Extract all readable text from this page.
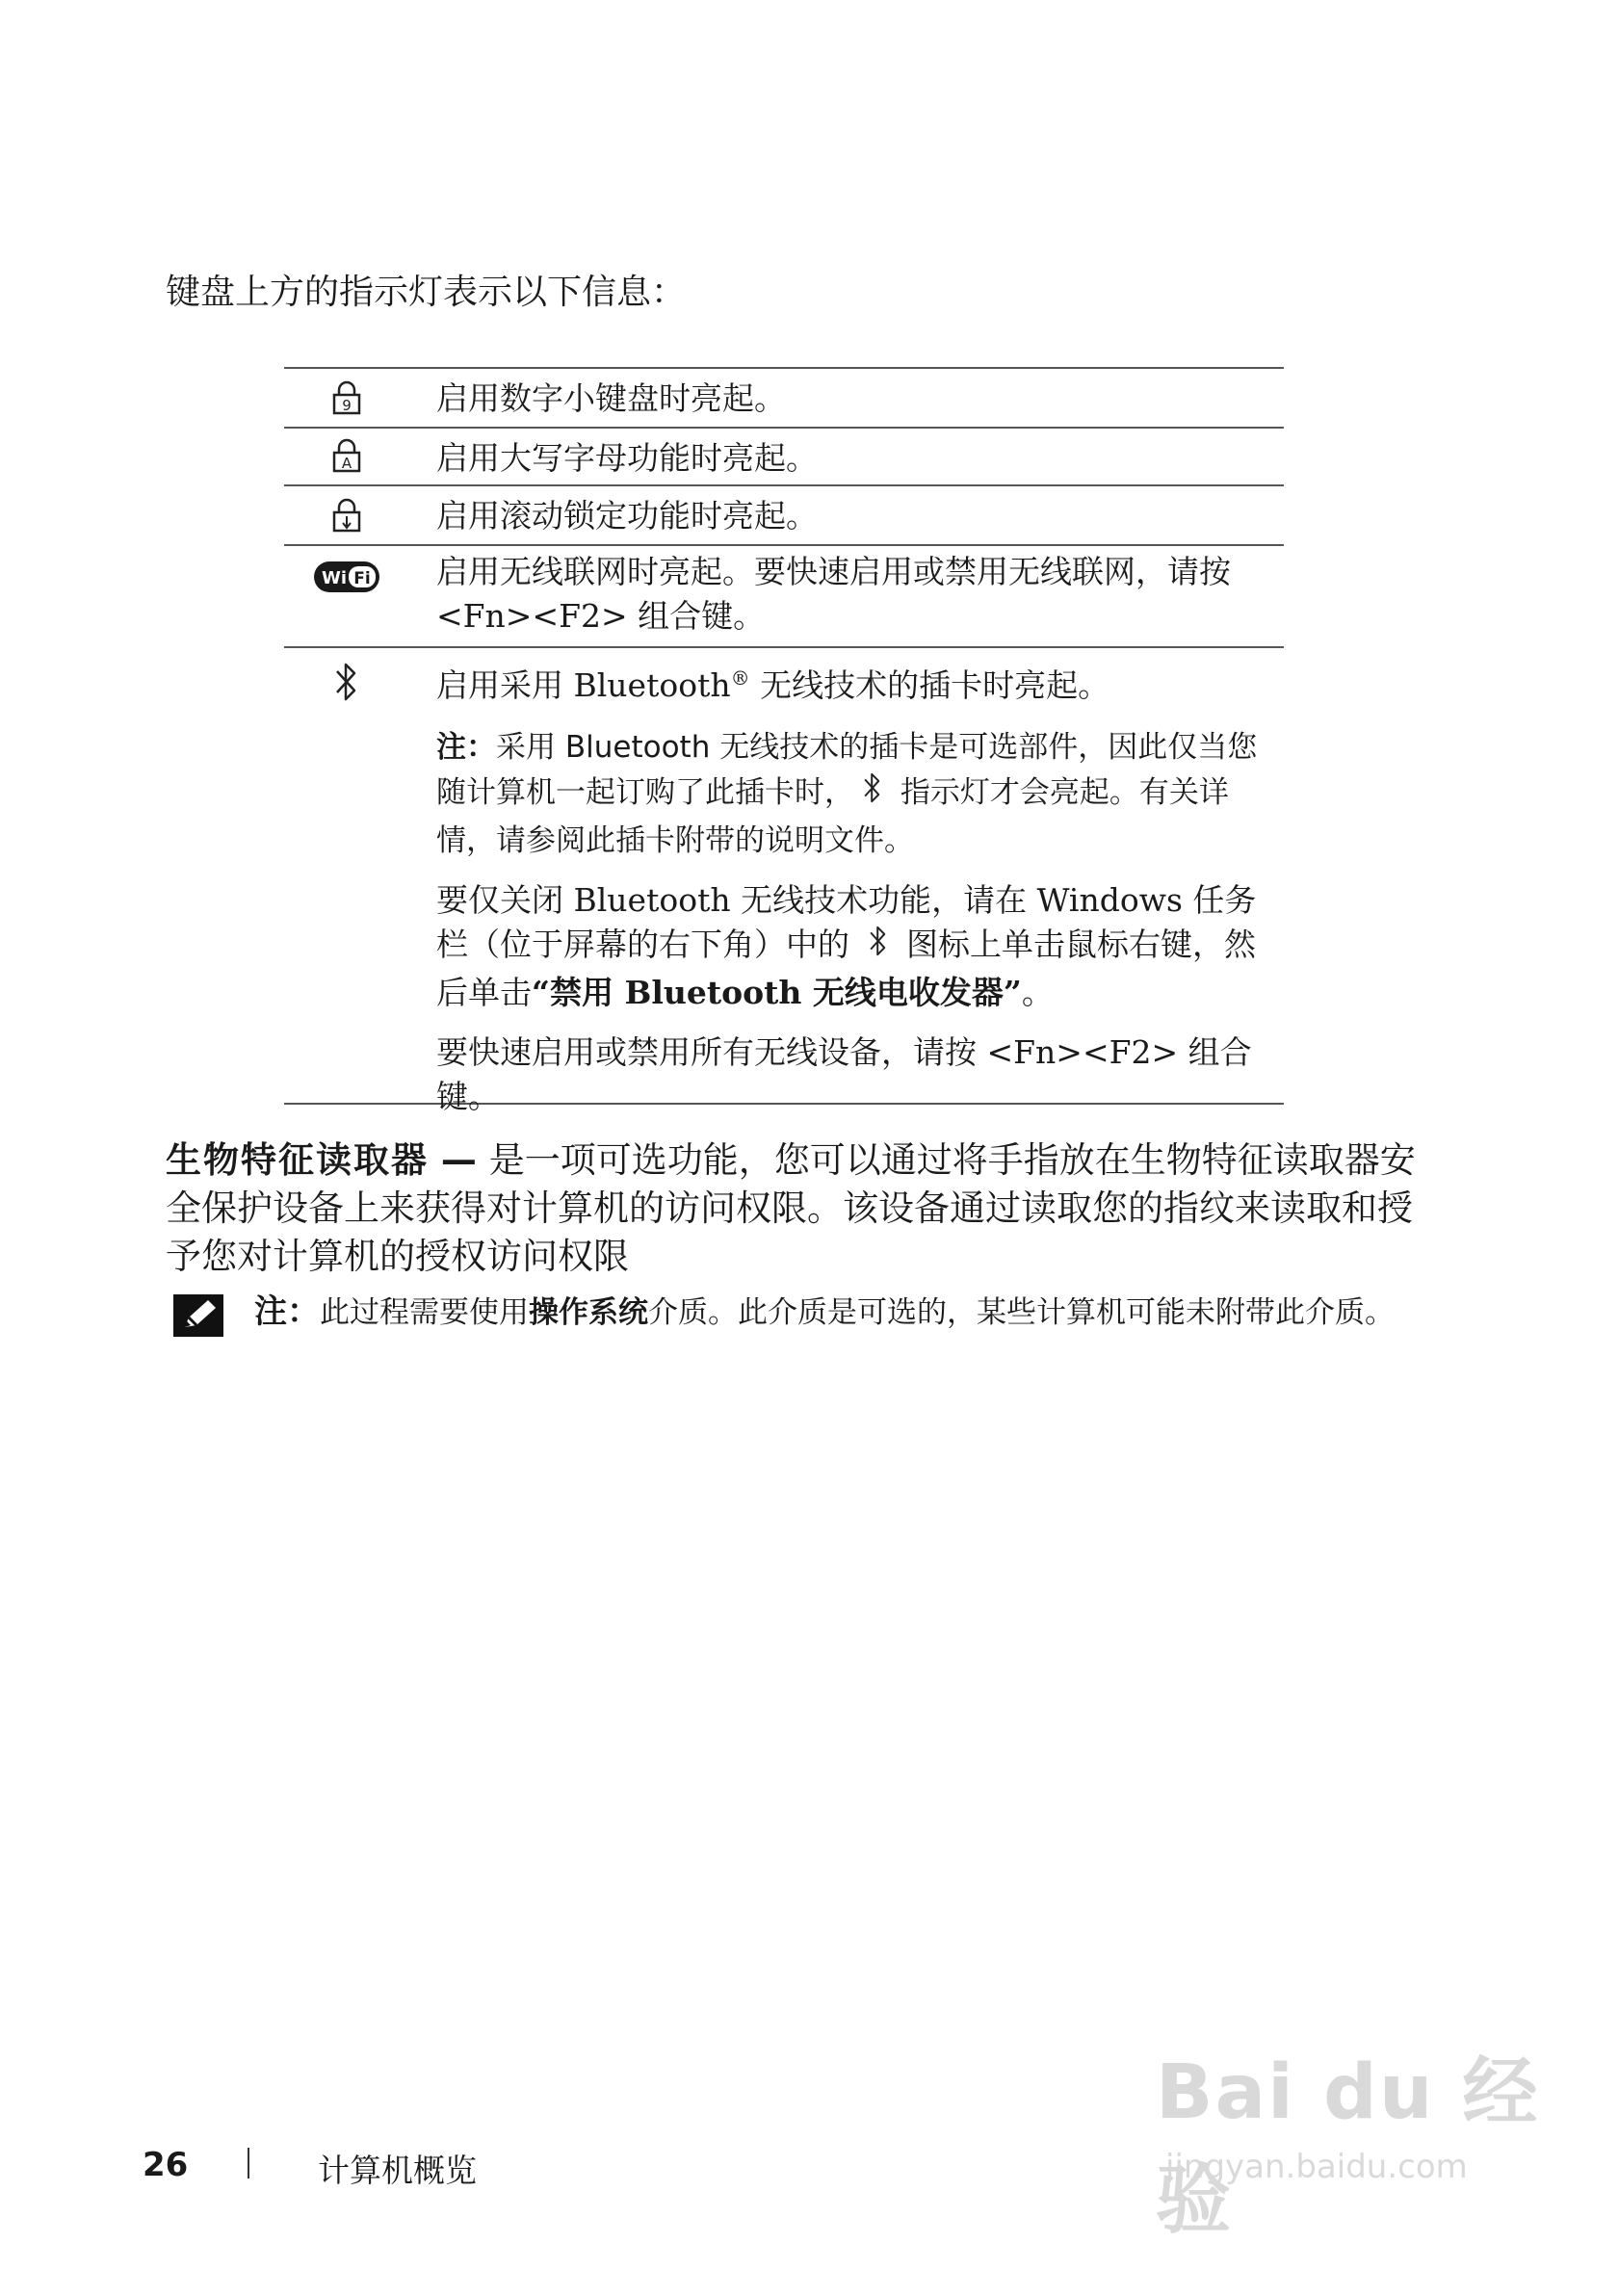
键盘上方的指示灯表示以下信息：
9	启用数字小键盘时亮起。
A	启用大写字母功能时亮起。
启用滚动锁定功能时亮起。
Wi Fi 启用无线联网时亮起。要快速启用或禁用无线联网，请按 <Fn><F2> 组合键。

启用采用 Bluetooth® 无线技术的插卡时亮起。

注：采用 Bluetooth 无线技术的插卡是可选部件，因此仅当您随计算机一起订购了此插卡时， 指示灯才会亮起。有关详情，请参阅此插卡附带的说明文件。

要仅关闭 Bluetooth 无线技术功能，请在 Windows 任务栏（位于屏幕的右下角）中的  图标上单击鼠标右键，然后单击“禁用 Bluetooth 无线电收发器”。

要快速启用或禁用所有无线设备，请按 <Fn><F2> 组合键。

生物特征读取器 — 是一项可选功能，您可以通过将手指放在生物特征读取器安全保护设备上来获得对计算机的访问权限。该设备通过读取您的指纹来读取和授予您对计算机的授权访问权限
注：此过程需要使用操作系统介质。此介质是可选的，某些计算机可能未附带此介质。
26	计算机概览
Bai du 经验
jingyan.baidu.com
